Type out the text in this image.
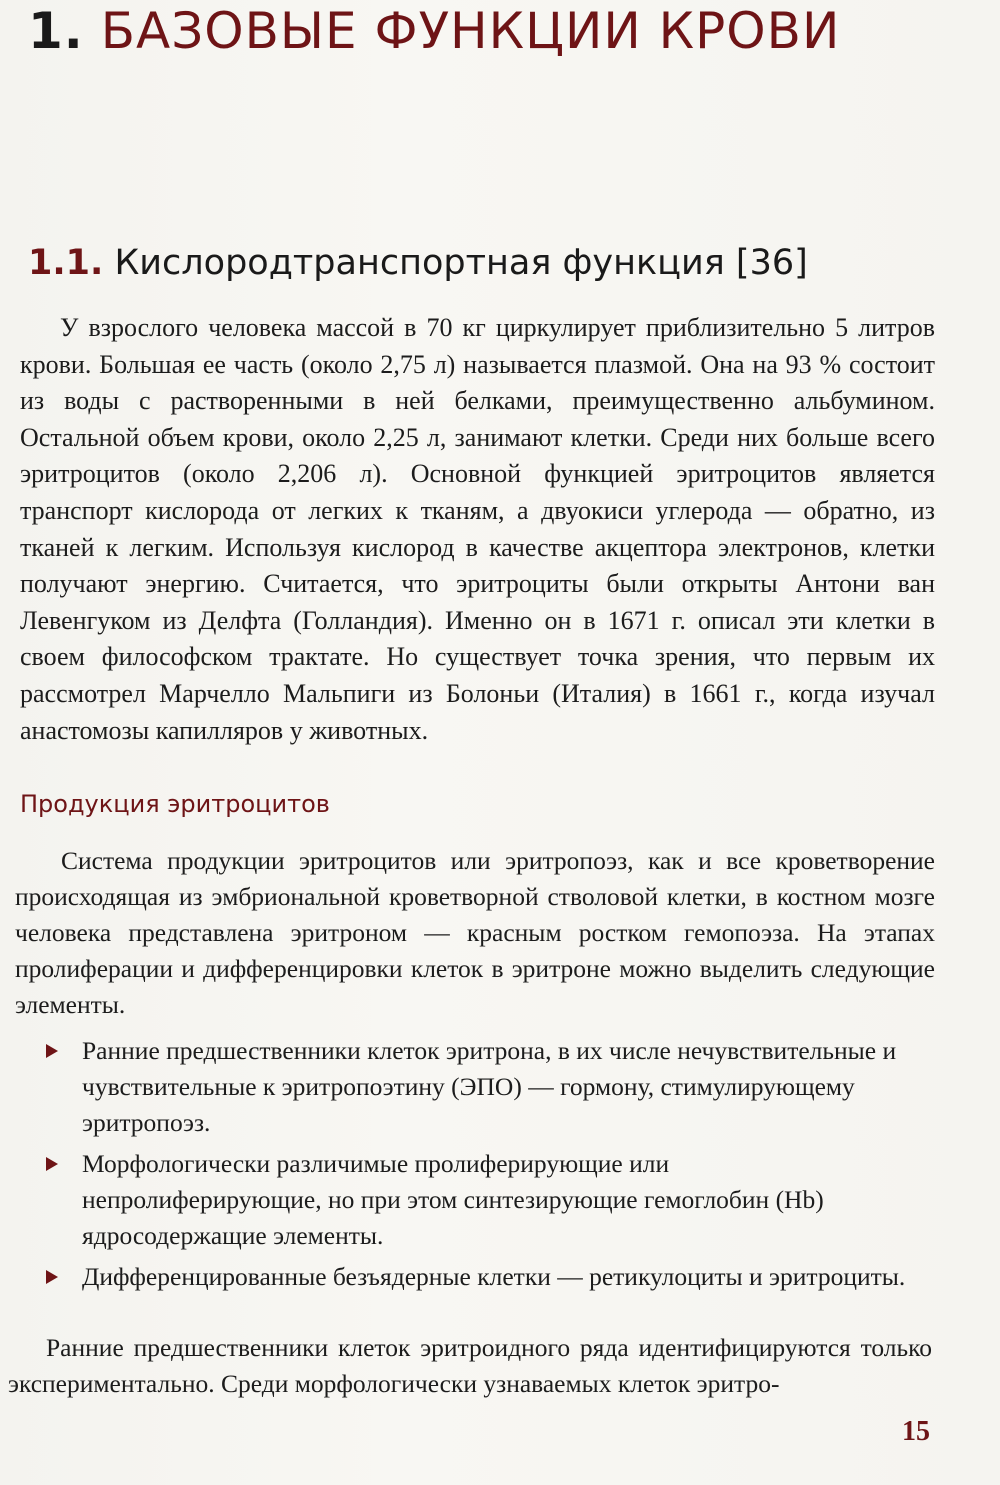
1. БАЗОВЫЕ ФУНКЦИИ КРОВИ
1.1. Кислородтранспортная функция [36]

У взрослого человека массой в 70 кг циркулирует приблизительно 5 литров крови. Большая ее часть (около 2,75 л) называется плазмой. Она на 93 % состоит из воды с растворенными в ней белками, преимущественно альбумином. Остальной объем крови, около 2,25 л, занимают клетки. Среди них больше всего эритроцитов (около 2,206 л). Основной функцией эритроцитов является транспорт кислорода от легких к тканям, а двуокиси углерода — обратно, из тканей к легким. Используя кислород в качестве акцептора электронов, клетки получают энергию. Считается, что эритроциты были открыты Антони ван Левенгуком из Делфта (Голландия). Именно он в 1671 г. описал эти клетки в своем философском трактате. Но существует точка зрения, что первым их рассмотрел Марчелло Мальпиги из Болоньи (Италия) в 1661 г., когда изучал анастомозы капилляров у животных.

Продукция эритроцитов

Система продукции эритроцитов или эритропоэз, как и все кроветворение происходящая из эмбриональной кроветворной стволовой клетки, в костном мозге человека представлена эритроном — красным ростком гемопоэза. На этапах пролиферации и дифференцировки клеток в эритроне можно выделить следующие элементы.

Ранние предшественники клеток эритрона, в их числе нечувствительные и чувствительные к эритропоэтину (ЭПО) — гормону, стимулирующему эритропоэз.
Морфологически различимые пролиферирующие или непролиферирующие, но при этом синтезирующие гемоглобин (Hb) ядросодержащие элементы.
Дифференцированные безъядерные клетки — ретикулоциты и эритроциты.

Ранние предшественники клеток эритроидного ряда идентифицируются только экспериментально. Среди морфологически узнаваемых клеток эритро-

15
